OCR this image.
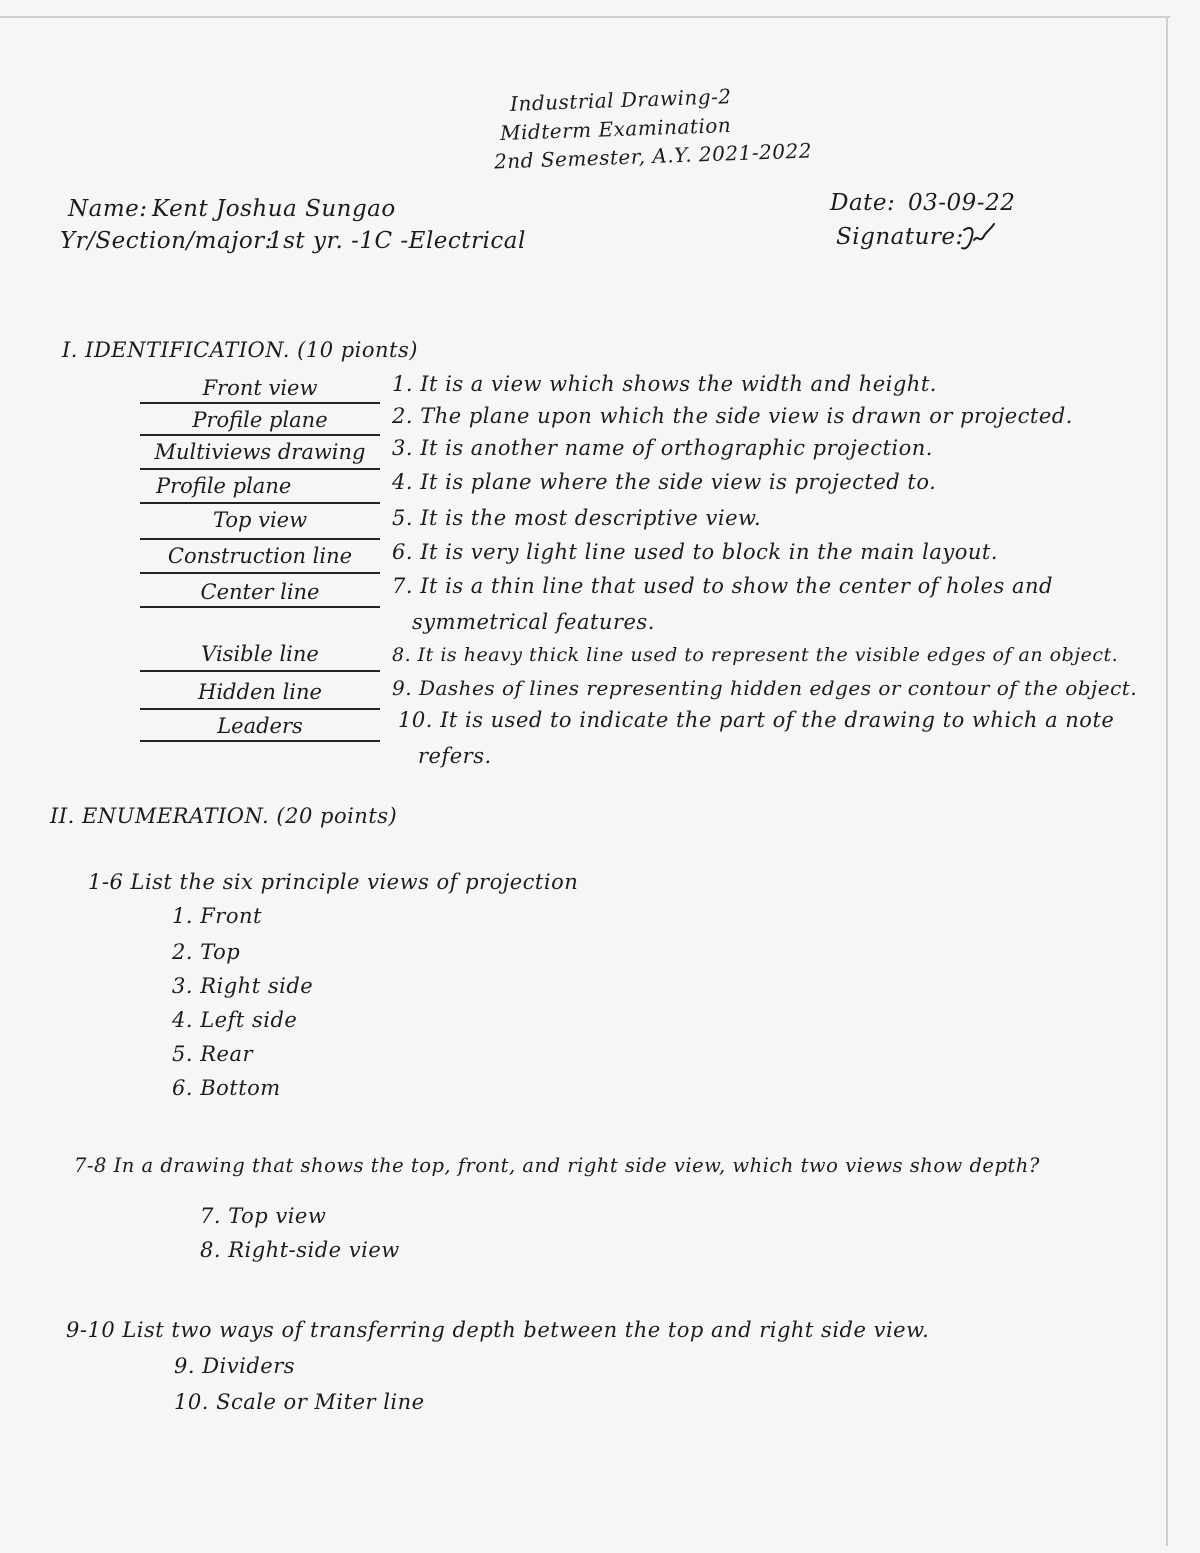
Industrial Drawing-2
Midterm Examination
2nd Semester, A.Y. 2021-2022
Name: Kent Joshua Sungao
Yr/Section/major:
1st yr. -1C -Electrical
Date: 03-09-22
Signature:
I. IDENTIFICATION. (10 pionts)
Front view
Profile plane
Multiviews drawing
Profile plane
Top view
Construction line
Center line
Visible line
Hidden line
Leaders
1. It is a view which shows the width and height.
2. The plane upon which the side view is drawn or projected.
3. It is another name of orthographic projection.
4. It is plane where the side view is projected to.
5. It is the most descriptive view.
6. It is very light line used to block in the main layout.
7. It is a thin line that used to show the center of holes and
symmetrical features.
8. It is heavy thick line used to represent the visible edges of an object.
9. Dashes of lines representing hidden edges or contour of the object.
10. It is used to indicate the part of the drawing to which a note
refers.
II. ENUMERATION. (20 points)
1-6 List the six principle views of projection
1. Front
2. Top
3. Right side
4. Left side
5. Rear
6. Bottom
7-8 In a drawing that shows the top, front, and right side view, which two views show depth?
7. Top view
8. Right-side view
9-10 List two ways of transferring depth between the top and right side view.
9. Dividers
10. Scale or Miter line
